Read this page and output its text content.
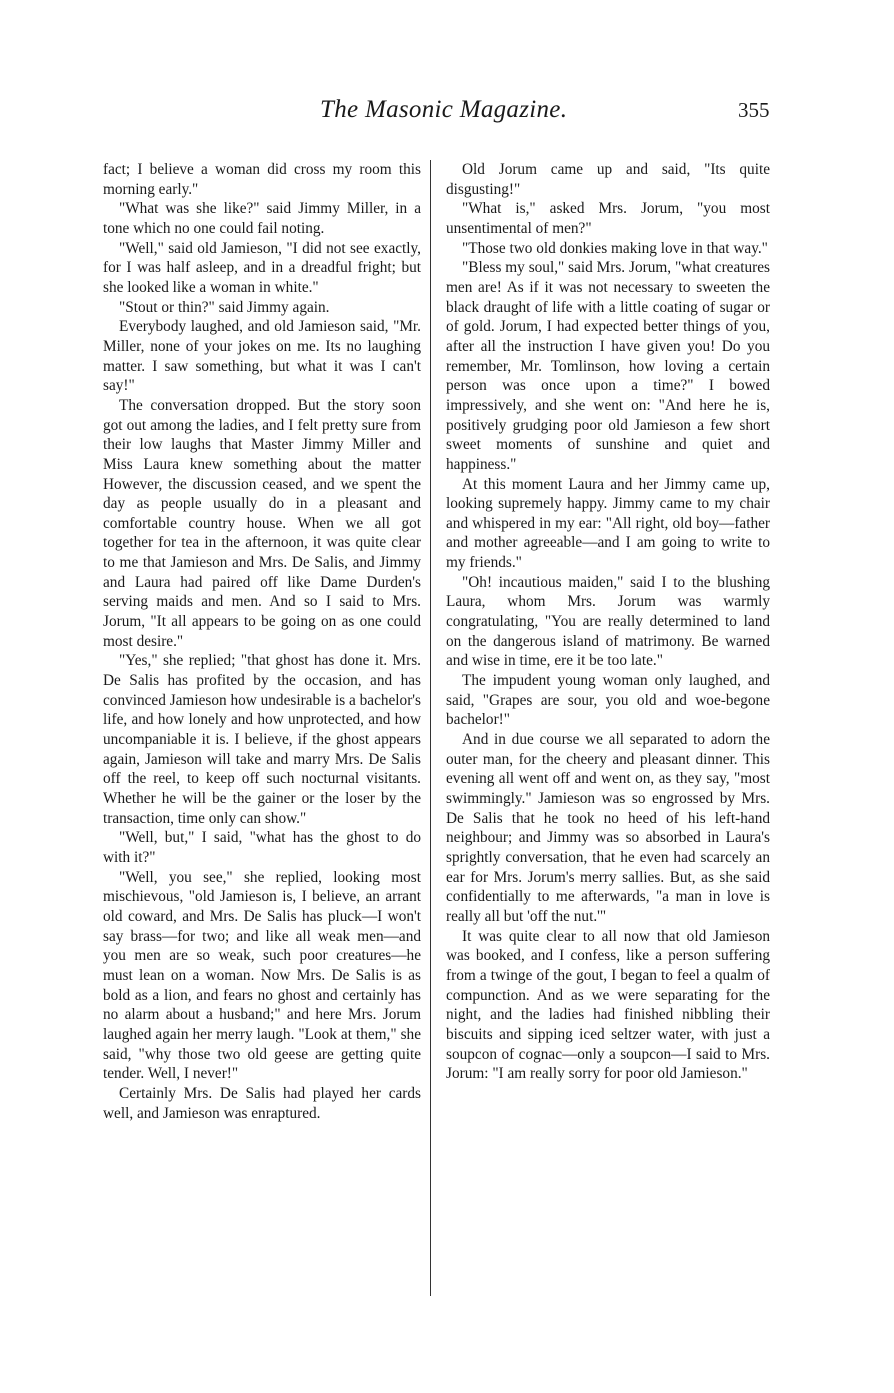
The Masonic Magazine.	355

fact; I believe a woman did cross my room this morning early."

"What was she like?" said Jimmy Miller, in a tone which no one could fail noting.

"Well," said old Jamieson, "I did not see exactly, for I was half asleep, and in a dreadful fright; but she looked like a woman in white."

"Stout or thin?" said Jimmy again.

Everybody laughed, and old Jamieson said, "Mr. Miller, none of your jokes on me. Its no laughing matter. I saw something, but what it was I can't say!"

The conversation dropped. But the story soon got out among the ladies, and I felt pretty sure from their low laughs that Master Jimmy Miller and Miss Laura knew something about the matter However, the discussion ceased, and we spent the day as people usually do in a pleasant and comfortable country house. When we all got together for tea in the afternoon, it was quite clear to me that Jamieson and Mrs. De Salis, and Jimmy and Laura had paired off like Dame Durden's serving maids and men. And so I said to Mrs. Jorum, "It all appears to be going on as one could most desire."

"Yes," she replied; "that ghost has done it. Mrs. De Salis has profited by the occasion, and has convinced Jamieson how undesirable is a bachelor's life, and how lonely and how unprotected, and how uncompaniable it is. I believe, if the ghost appears again, Jamieson will take and marry Mrs. De Salis off the reel, to keep off such nocturnal visitants. Whether he will be the gainer or the loser by the transaction, time only can show."

"Well, but," I said, "what has the ghost to do with it?"

"Well, you see," she replied, looking most mischievous, "old Jamieson is, I believe, an arrant old coward, and Mrs. De Salis has pluck—I won't say brass—for two; and like all weak men—and you men are so weak, such poor creatures—he must lean on a woman. Now Mrs. De Salis is as bold as a lion, and fears no ghost and certainly has no alarm about a husband;" and here Mrs. Jorum laughed again her merry laugh. "Look at them," she said, "why those two old geese are getting quite tender. Well, I never!"

Certainly Mrs. De Salis had played her cards well, and Jamieson was enraptured.

Old Jorum came up and said, "Its quite disgusting!"

"What is," asked Mrs. Jorum, "you most unsentimental of men?"

"Those two old donkies making love in that way."

"Bless my soul," said Mrs. Jorum, "what creatures men are! As if it was not necessary to sweeten the black draught of life with a little coating of sugar or of gold. Jorum, I had expected better things of you, after all the instruction I have given you! Do you remember, Mr. Tomlinson, how loving a certain person was once upon a time?" I bowed impressively, and she went on: "And here he is, positively grudging poor old Jamieson a few short sweet moments of sunshine and quiet and happiness."

At this moment Laura and her Jimmy came up, looking supremely happy. Jimmy came to my chair and whispered in my ear: "All right, old boy—father and mother agreeable—and I am going to write to my friends."

"Oh! incautious maiden," said I to the blushing Laura, whom Mrs. Jorum was warmly congratulating, "You are really determined to land on the dangerous island of matrimony. Be warned and wise in time, ere it be too late."

The impudent young woman only laughed, and said, "Grapes are sour, you old and woe-begone bachelor!"

And in due course we all separated to adorn the outer man, for the cheery and pleasant dinner. This evening all went off and went on, as they say, "most swimmingly." Jamieson was so engrossed by Mrs. De Salis that he took no heed of his left-hand neighbour; and Jimmy was so absorbed in Laura's sprightly conversation, that he even had scarcely an ear for Mrs. Jorum's merry sallies. But, as she said confidentially to me afterwards, "a man in love is really all but 'off the nut.'"

It was quite clear to all now that old Jamieson was booked, and I confess, like a person suffering from a twinge of the gout, I began to feel a qualm of compunction. And as we were separating for the night, and the ladies had finished nibbling their biscuits and sipping iced seltzer water, with just a soupcon of cognac—only a soupcon—I said to Mrs. Jorum: "I am really sorry for poor old Jamieson."
